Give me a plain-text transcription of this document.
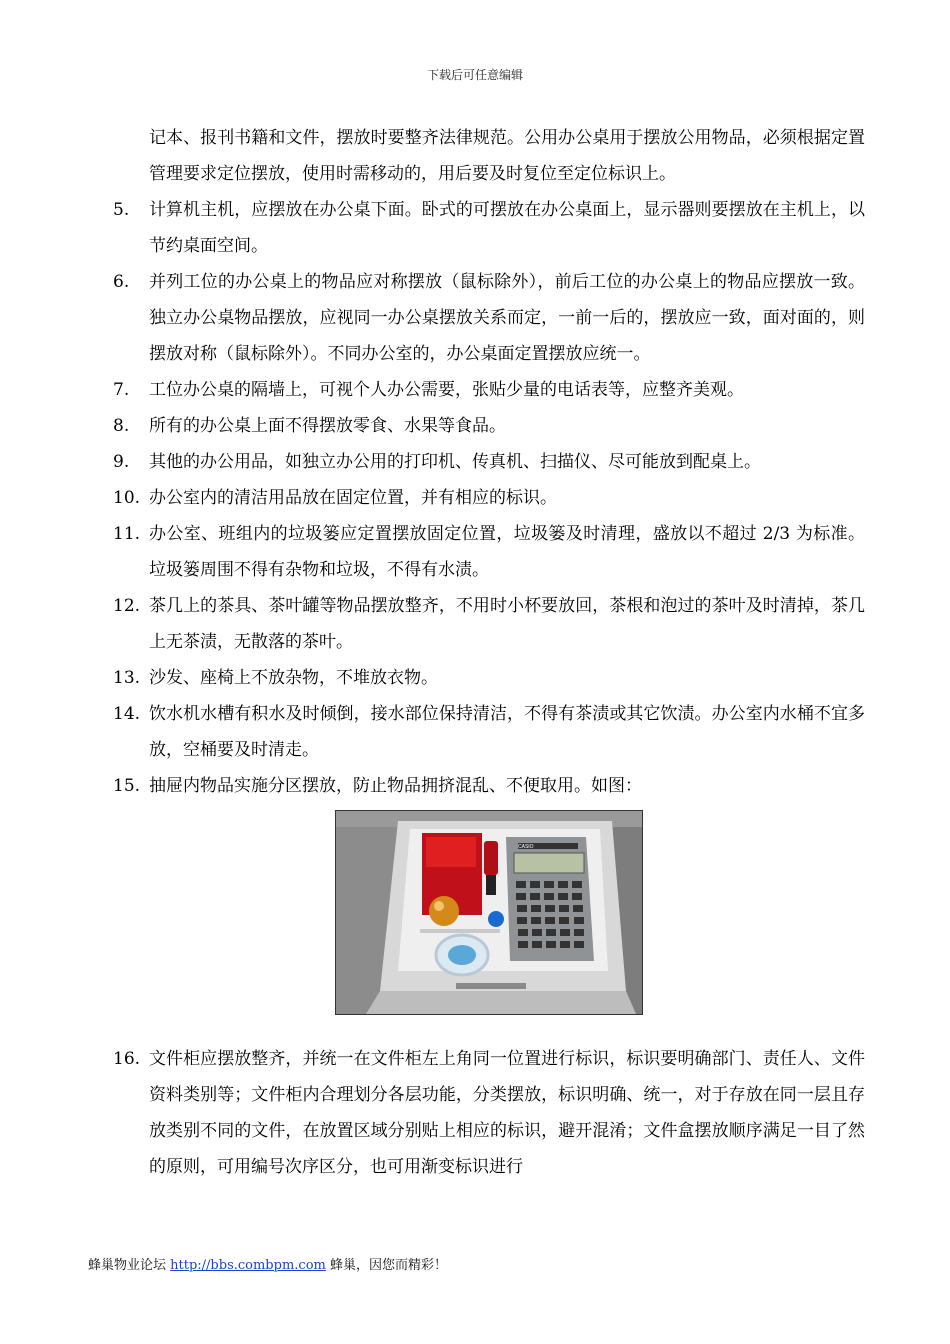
下载后可任意编辑
记本、报刊书籍和文件，摆放时要整齐法律规范。公用办公桌用于摆放公用物品，必须根据定置管理要求定位摆放，使用时需移动的，用后要及时复位至定位标识上。
5.	计算机主机，应摆放在办公桌下面。卧式的可摆放在办公桌面上，显示器则要摆放在主机上，以节约桌面空间。
6.	并列工位的办公桌上的物品应对称摆放（鼠标除外），前后工位的办公桌上的物品应摆放一致。独立办公桌物品摆放，应视同一办公桌摆放关系而定，一前一后的，摆放应一致，面对面的，则摆放对称（鼠标除外）。不同办公室的，办公桌面定置摆放应统一。
7.	工位办公桌的隔墙上，可视个人办公需要，张贴少量的电话表等，应整齐美观。
8.	所有的办公桌上面不得摆放零食、水果等食品。
9.	其他的办公用品，如独立办公用的打印机、传真机、扫描仪、尽可能放到配桌上。
10. 办公室内的清洁用品放在固定位置，并有相应的标识。
11. 办公室、班组内的垃圾篓应定置摆放固定位置，垃圾篓及时清理，盛放以不超过 2/3 为标准。垃圾篓周围不得有杂物和垃圾，不得有水渍。
12. 茶几上的茶具、茶叶罐等物品摆放整齐，不用时小杯要放回，茶根和泡过的茶叶及时清掉，茶几上无茶渍，无散落的茶叶。
13. 沙发、座椅上不放杂物，不堆放衣物。
14. 饮水机水槽有积水及时倾倒，接水部位保持清洁，不得有茶渍或其它饮渍。办公室内水桶不宜多放，空桶要及时清走。
15. 抽屉内物品实施分区摆放，防止物品拥挤混乱、不便取用。如图：
CASIO
16. 文件柜应摆放整齐，并统一在文件柜左上角同一位置进行标识，标识要明确部门、责任人、文件资料类别等；文件柜内合理划分各层功能，分类摆放，标识明确、统一，对于存放在同一层且存放类别不同的文件，在放置区域分别贴上相应的标识，避开混淆；文件盒摆放顺序满足一目了然的原则，可用编号次序区分，也可用渐变标识进行
蜂巢物业论坛 http://bbs.combpm.com 蜂巢，因您而精彩！
